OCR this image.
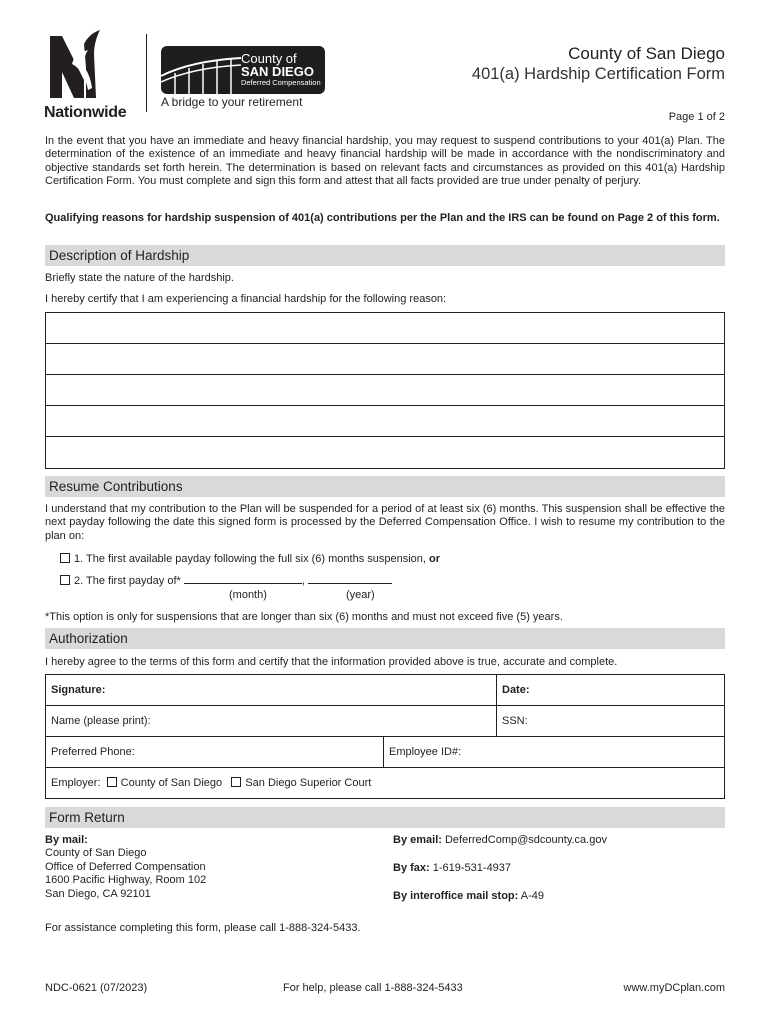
Nationwide
County of
SAN DIEGO
Deferred Compensation
A bridge to your retirement
County of San Diego
401(a) Hardship Certification Form
Page 1 of 2
In the event that you have an immediate and heavy financial hardship, you may request to suspend contributions to your 401(a) Plan. The determination of the existence of an immediate and heavy financial hardship will be made in accordance with the nondiscriminatory and objective standards set forth herein. The determination is based on relevant facts and circumstances as provided on this 401(a) Hardship Certification Form. You must complete and sign this form and attest that all facts provided are true under penalty of perjury.
Qualifying reasons for hardship suspension of 401(a) contributions per the Plan and the IRS can be found on Page 2 of this form.
Description of Hardship
Briefly state the nature of the hardship.
I hereby certify that I am experiencing a financial hardship for the following reason:
Resume Contributions
I understand that my contribution to the Plan will be suspended for a period of at least six (6) months. This suspension shall be effective the next payday following the date this signed form is processed by the Deferred Compensation Office. I wish to resume my contribution to the plan on:
1. The first available payday following the full six (6) months suspension, or
2. The first payday of*	,
(month)	(year)
*This option is only for suspensions that are longer than six (6) months and must not exceed five (5) years.
Authorization
I hereby agree to the terms of this form and certify that the information provided above is true, accurate and complete.
Signature:		Date:
Name (please print):		SSN:
Preferred Phone:	Employee ID#:	
Employer: County of San Diego San Diego Superior Court		
Form Return
By mail:
County of San Diego
Office of Deferred Compensation
1600 Pacific Highway, Room 102
San Diego, CA 92101
By email: DeferredComp@sdcounty.ca.gov
By fax: 1-619-531-4937
By interoffice mail stop: A-49
For assistance completing this form, please call 1-888-324-5433.
NDC-0621 (07/2023)	For help, please call 1-888-324-5433	www.myDCplan.com
